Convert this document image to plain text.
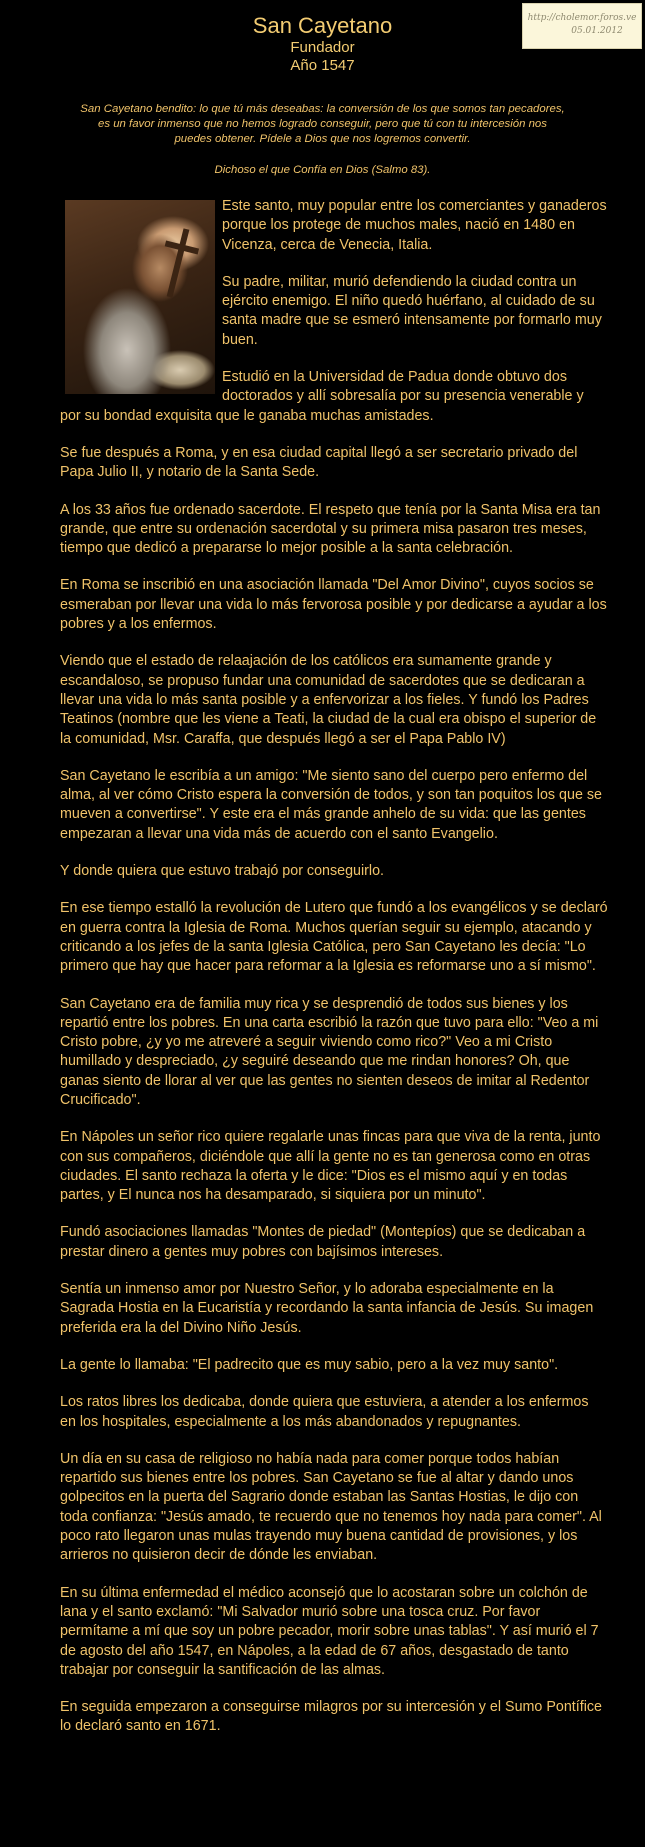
San Cayetano
Fundador
Año 1547
http://cholemor.foros.ve
05.01.2012

San Cayetano bendito: lo que tú más deseabas: la conversión de los que somos tan pecadores, es un favor inmenso que no hemos logrado conseguir, pero que tú con tu intercesión nos puedes obtener. Pídele a Dios que nos logremos convertir.

Dichoso el que Confía en Dios (Salmo 83).

Este santo, muy popular entre los comerciantes y ganaderos porque los protege de muchos males, nació en 1480 en Vicenza, cerca de Venecia, Italia.

Su padre, militar, murió defendiendo la ciudad contra un ejército enemigo. El niño quedó huérfano, al cuidado de su santa madre que se esmeró intensamente por formarlo muy buen.

Estudió en la Universidad de Padua donde obtuvo dos doctorados y allí sobresalía por su presencia venerable y por su bondad exquisita que le ganaba muchas amistades.

Se fue después a Roma, y en esa ciudad capital llegó a ser secretario privado del Papa Julio II, y notario de la Santa Sede.

A los 33 años fue ordenado sacerdote. El respeto que tenía por la Santa Misa era tan grande, que entre su ordenación sacerdotal y su primera misa pasaron tres meses, tiempo que dedicó a prepararse lo mejor posible a la santa celebración.

En Roma se inscribió en una asociación llamada "Del Amor Divino", cuyos socios se esmeraban por llevar una vida lo más fervorosa posible y por dedicarse a ayudar a los pobres y a los enfermos.

Viendo que el estado de relaajación de los católicos era sumamente grande y escandaloso, se propuso fundar una comunidad de sacerdotes que se dedicaran a llevar una vida lo más santa posible y a enfervorizar a los fieles. Y fundó los Padres Teatinos (nombre que les viene a Teati, la ciudad de la cual era obispo el superior de la comunidad, Msr. Caraffa, que después llegó a ser el Papa Pablo IV)

San Cayetano le escribía a un amigo: "Me siento sano del cuerpo pero enfermo del alma, al ver cómo Cristo espera la conversión de todos, y son tan poquitos los que se mueven a convertirse". Y este era el más grande anhelo de su vida: que las gentes empezaran a llevar una vida más de acuerdo con el santo Evangelio.

Y donde quiera que estuvo trabajó por conseguirlo.

En ese tiempo estalló la revolución de Lutero que fundó a los evangélicos y se declaró en guerra contra la Iglesia de Roma. Muchos querían seguir su ejemplo, atacando y criticando a los jefes de la santa Iglesia Católica, pero San Cayetano les decía: "Lo primero que hay que hacer para reformar a la Iglesia es reformarse uno a sí mismo".

San Cayetano era de familia muy rica y se desprendió de todos sus bienes y los repartió entre los pobres. En una carta escribió la razón que tuvo para ello: "Veo a mi Cristo pobre, ¿y yo me atreveré a seguir viviendo como rico?" Veo a mi Cristo humillado y despreciado, ¿y seguiré deseando que me rindan honores? Oh, que ganas siento de llorar al ver que las gentes no sienten deseos de imitar al Redentor Crucificado".

En Nápoles un señor rico quiere regalarle unas fincas para que viva de la renta, junto con sus compañeros, diciéndole que allí la gente no es tan generosa como en otras ciudades. El santo rechaza la oferta y le dice: "Dios es el mismo aquí y en todas partes, y El nunca nos ha desamparado, si siquiera por un minuto".

Fundó asociaciones llamadas "Montes de piedad" (Montepíos) que se dedicaban a prestar dinero a gentes muy pobres con bajísimos intereses.

Sentía un inmenso amor por Nuestro Señor, y lo adoraba especialmente en la Sagrada Hostia en la Eucaristía y recordando la santa infancia de Jesús. Su imagen preferida era la del Divino Niño Jesús.

La gente lo llamaba: "El padrecito que es muy sabio, pero a la vez muy santo".

Los ratos libres los dedicaba, donde quiera que estuviera, a atender a los enfermos en los hospitales, especialmente a los más abandonados y repugnantes.

Un día en su casa de religioso no había nada para comer porque todos habían repartido sus bienes entre los pobres. San Cayetano se fue al altar y dando unos golpecitos en la puerta del Sagrario donde estaban las Santas Hostias, le dijo con toda confianza: "Jesús amado, te recuerdo que no tenemos hoy nada para comer". Al poco rato llegaron unas mulas trayendo muy buena cantidad de provisiones, y los arrieros no quisieron decir de dónde les enviaban.

En su última enfermedad el médico aconsejó que lo acostaran sobre un colchón de lana y el santo exclamó: "Mi Salvador murió sobre una tosca cruz. Por favor permítame a mí que soy un pobre pecador, morir sobre unas tablas". Y así murió el 7 de agosto del año 1547, en Nápoles, a la edad de 67 años, desgastado de tanto trabajar por conseguir la santificación de las almas.

En seguida empezaron a conseguirse milagros por su intercesión y el Sumo Pontífice lo declaró santo en 1671.
